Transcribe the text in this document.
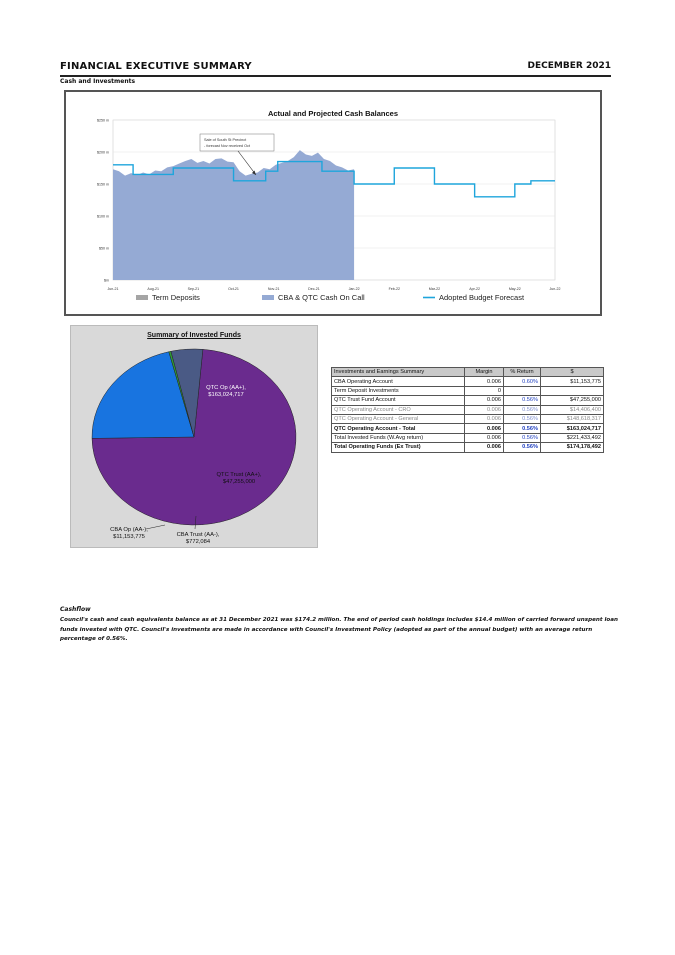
FINANCIAL EXECUTIVE SUMMARY	DECEMBER 2021
Cash and Investments
Actual and Projected Cash Balances
$250 m
$200 m
$150 m
$100 m
$50 m
$m
Jun-21	Aug-21	Sep-21	Oct-21	Nov-21	Dec-21	Jan-22	Feb-22	Mar-22	Apr-22	May-22	Jun-22
Sale of South St Precinct
- forecast Nov received Oct
Term Deposits	CBA & QTC Cash On Call	Adopted Budget Forecast
Summary of Invested Funds
QTC Op (AA+),
$163,024,717
QTC Trust (AA+),
$47,255,000
CBA Trust (AA-),
$772,084
CBA Op (AA-),
$11,153,775
Investments and Earnings Summary	Margin	% Return	$
CBA Operating Account	0.006	0.60%	$11,153,775
Term Deposit Investments	0		
QTC Trust Fund Account	0.006	0.56%	$47,255,000
QTC Operating Account - CRO	0.006	0.56%	$14,406,400
QTC Operating Account - General	0.006	0.56%	$148,618,317
QTC Operating Account - Total	0.006	0.56%	$163,024,717
Total Invested Funds (W.Avg return)	0.006	0.56%	$221,433,492
Total Operating Funds (Ex Trust)	0.006	0.56%	$174,178,492
Cashflow
Council's cash and cash equivalents balance as at 31 December 2021 was $174.2 million. The end of period cash holdings includes $14.4 million of carried forward unspent loan funds invested with QTC. Council's investments are made in accordance with Council's Investment Policy (adopted as part of the annual budget) with an average return percentage of 0.56%.
